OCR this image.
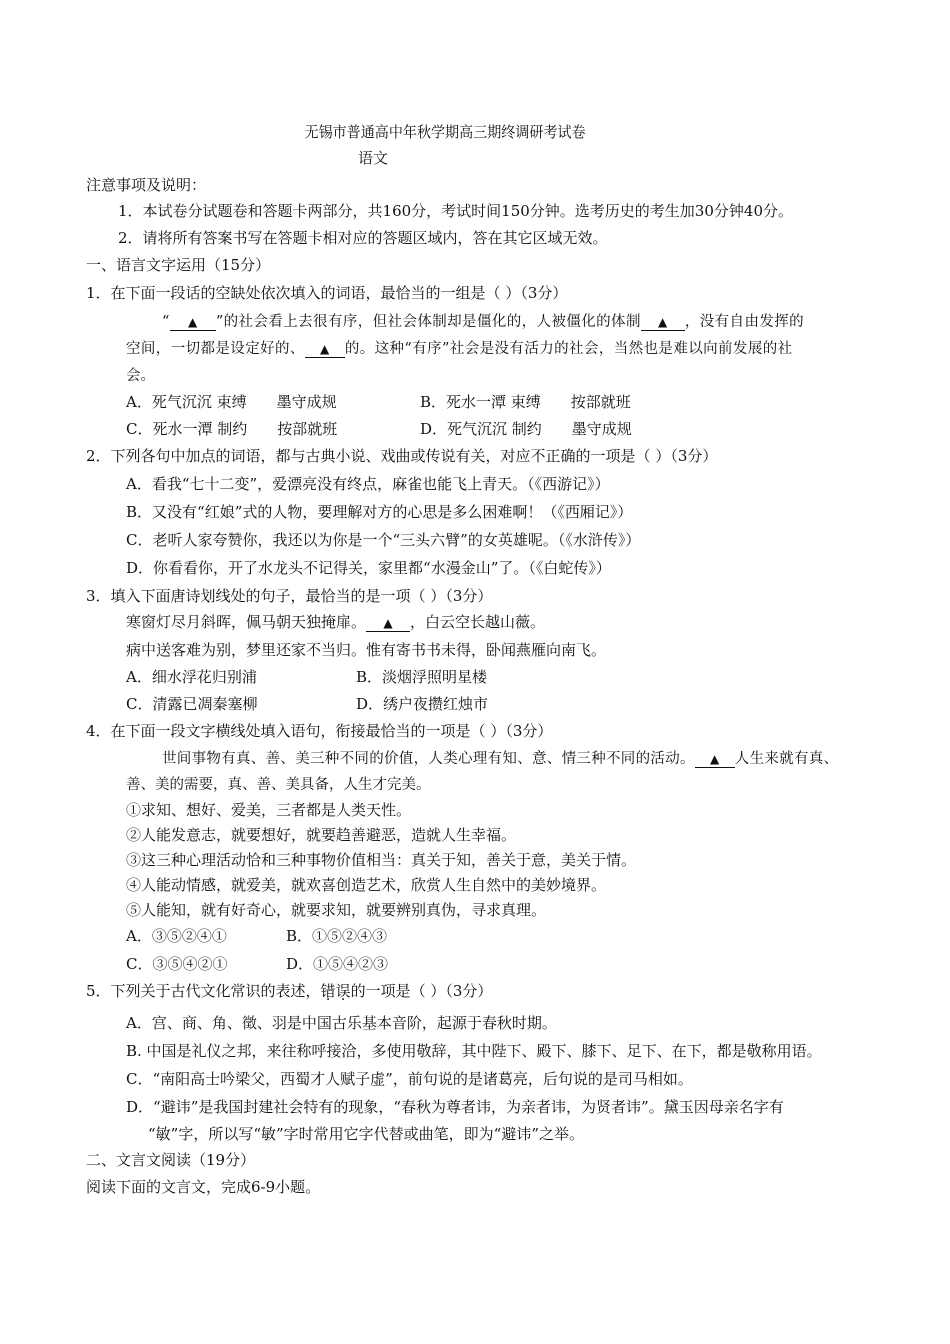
无锡市普通高中年秋学期高三期终调研考试卷
语文
注意事项及说明：
1．本试卷分试题卷和答题卡两部分，共160分，考试时间150分钟。选考历史的考生加30分钟40分。
2．请将所有答案书写在答题卡相对应的答题区域内，答在其它区域无效。
一、语言文字运用（15分）
1．在下面一段话的空缺处依次填入的词语，最恰当的一组是（ ）（3分）
“ ▲ ”的社会看上去很有序，但社会体制却是僵化的，人被僵化的体制 ▲ ，没有自由发挥的
空间，一切都是设定好的、 ▲ 的。这种“有序”社会是没有活力的社会，当然也是难以向前发展的社
会。
A．死气沉沉 束缚　　墨守成规	B．死水一潭 束缚　　按部就班
C．死水一潭 制约　　按部就班	D．死气沉沉 制约　　墨守成规
2．下列各句中加点的词语，都与古典小说、戏曲或传说有关，对应不正确的一项是（ ）（3分）
A．看我“七十二变”，爱漂亮没有终点，麻雀也能飞上青天。（《西游记》）
B．又没有“红娘”式的人物，要理解对方的心思是多么困难啊！（《西厢记》）
C．老听人家夸赞你，我还以为你是一个“三头六臂”的女英雄呢。（《水浒传》）
D．你看看你，开了水龙头不记得关，家里都“水漫金山”了。（《白蛇传》）
3．填入下面唐诗划线处的句子，最恰当的是一项（ ）（3分）
寒窗灯尽月斜晖，佩马朝天独掩扉。 ▲ ，白云空长越山薇。
病中送客难为别，梦里还家不当归。惟有寄书书未得，卧闻燕雁向南飞。
A．细水浮花归别浦	B．淡烟浮照明星楼
C．清露已凋秦塞柳	D．绣户夜攒红烛市
4．在下面一段文字横线处填入语句，衔接最恰当的一项是（ ）（3分）
世间事物有真、善、美三种不同的价值，人类心理有知、意、情三种不同的活动。 ▲ 人生来就有真、
善、美的需要，真、善、美具备，人生才完美。
①求知、想好、爱美，三者都是人类天性。
②人能发意志，就要想好，就要趋善避恶，造就人生幸福。
③这三种心理活动恰和三种事物价值相当：真关于知，善关于意，美关于情。
④人能动情感，就爱美，就欢喜创造艺术，欣赏人生自然中的美妙境界。
⑤人能知，就有好奇心，就要求知，就要辨别真伪，寻求真理。
A．③⑤②④①	B．①⑤②④③
C．③⑤④②①	D．①⑤④②③
5．下列关于古代文化常识的表述，错误的一项是（ ）（3分）
A．宫、商、角、徵、羽是中国古乐基本音阶，起源于春秋时期。
B. 中国是礼仪之邦，来往称呼接洽，多使用敬辞，其中陛下、殿下、膝下、足下、在下，都是敬称用语。
C．“南阳高士吟梁父，西蜀才人赋子虚”，前句说的是诸葛亮，后句说的是司马相如。
D．“避讳”是我国封建社会特有的现象，“春秋为尊者讳，为亲者讳，为贤者讳”。黛玉因母亲名字有
“敏”字，所以写“敏”字时常用它字代替或曲笔，即为“避讳”之举。
二、文言文阅读（19分）
阅读下面的文言文，完成6-9小题。
